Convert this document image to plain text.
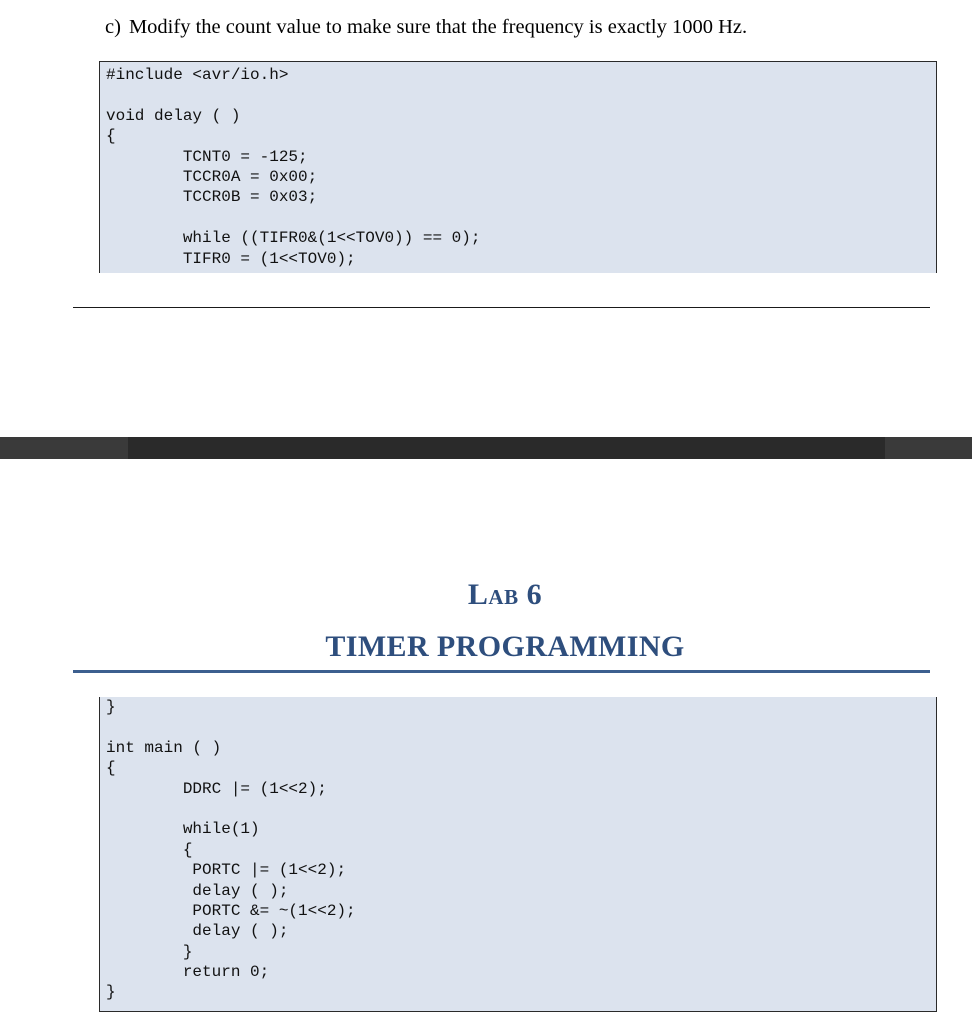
c) Modify the count value to make sure that the frequency is exactly 1000 Hz.
#include <avr/io.h>
void delay ( )
{
TCNT0 = -125;
TCCR0A = 0x00;
TCCR0B = 0x03;
while ((TIFR0&(1<<TOV0)) == 0);
TIFR0 = (1<<TOV0);
Lab 6
TIMER PROGRAMMING
}
int main ( )
{
DDRC |= (1<<2);
while(1)
{
PORTC |= (1<<2);
delay ( );
PORTC &= ~(1<<2);
delay ( );
}
return 0;
}
